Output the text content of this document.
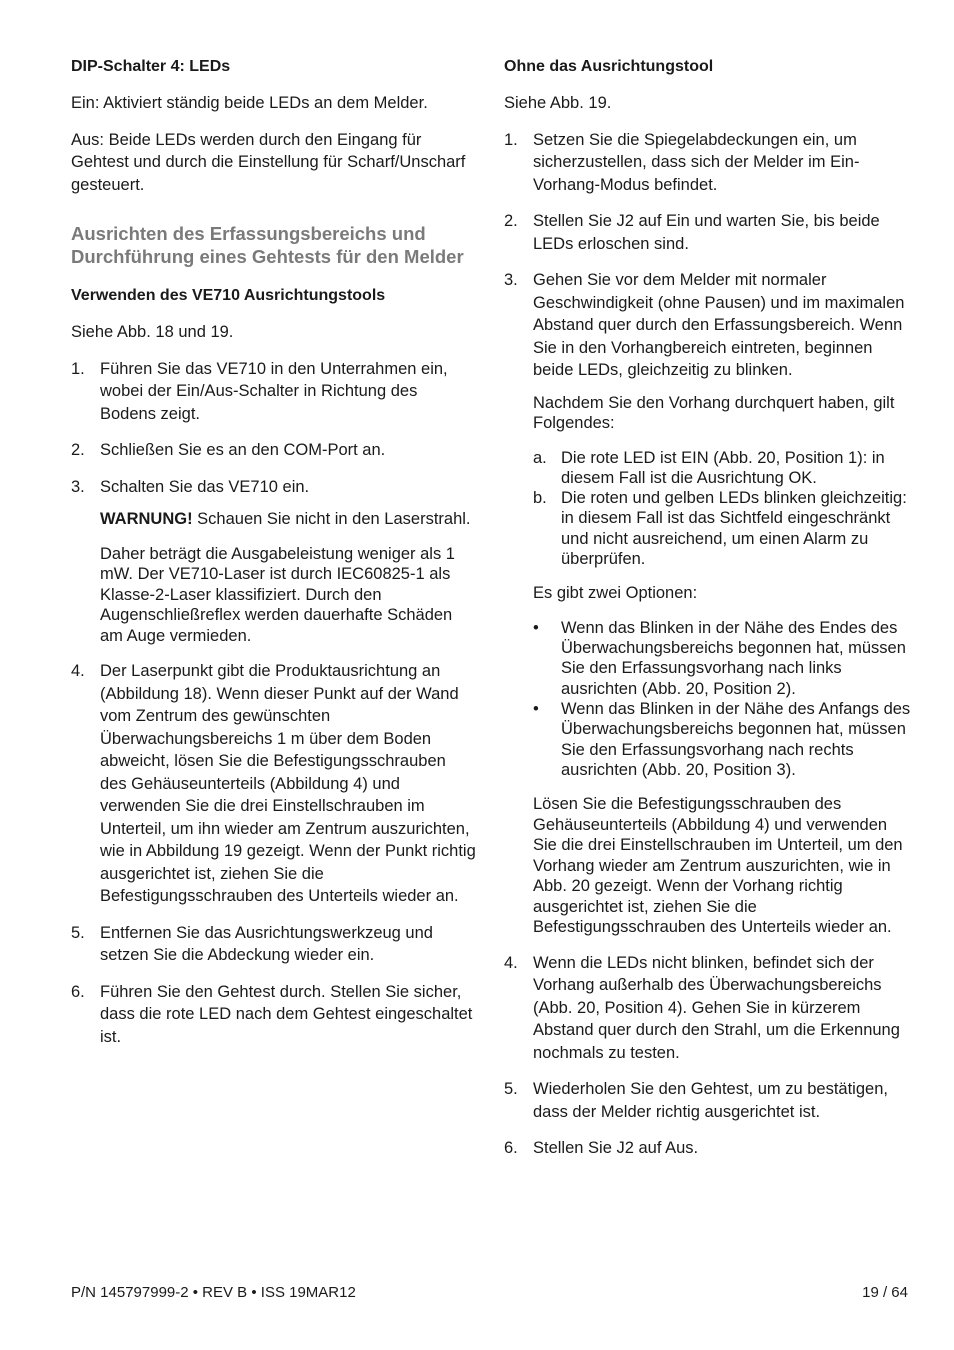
DIP-Schalter 4: LEDs

Ein: Aktiviert ständig beide LEDs an dem Melder.

Aus: Beide LEDs werden durch den Eingang für Gehtest und durch die Einstellung für Scharf/Unscharf gesteuert.

Ausrichten des Erfassungsbereichs und Durchführung eines Gehtests für den Melder

Verwenden des VE710 Ausrichtungstools

Siehe Abb. 18 und 19.

1. Führen Sie das VE710 in den Unterrahmen ein, wobei der Ein/Aus-Schalter in Richtung des Bodens zeigt.
2. Schließen Sie es an den COM-Port an.
3. Schalten Sie das VE710 ein.

WARNUNG! Schauen Sie nicht in den Laserstrahl.

Daher beträgt die Ausgabeleistung weniger als 1 mW. Der VE710-Laser ist durch IEC60825-1 als Klasse-2-Laser klassifiziert. Durch den Augenschließreflex werden dauerhafte Schäden am Auge vermieden.

4. Der Laserpunkt gibt die Produktausrichtung an (Abbildung 18). Wenn dieser Punkt auf der Wand vom Zentrum des gewünschten Überwachungsbereichs 1 m über dem Boden abweicht, lösen Sie die Befestigungsschrauben des Gehäuseunterteils (Abbildung 4) und verwenden Sie die drei Einstellschrauben im Unterteil, um ihn wieder am Zentrum auszurichten, wie in Abbildung 19 gezeigt. Wenn der Punkt richtig ausgerichtet ist, ziehen Sie die Befestigungsschrauben des Unterteils wieder an.
5. Entfernen Sie das Ausrichtungswerkzeug und setzen Sie die Abdeckung wieder ein.
6. Führen Sie den Gehtest durch. Stellen Sie sicher, dass die rote LED nach dem Gehtest eingeschaltet ist.

Ohne das Ausrichtungstool

Siehe Abb. 19.

1. Setzen Sie die Spiegelabdeckungen ein, um sicherzustellen, dass sich der Melder im Ein-Vorhang-Modus befindet.
2. Stellen Sie J2 auf Ein und warten Sie, bis beide LEDs erloschen sind.
3. Gehen Sie vor dem Melder mit normaler Geschwindigkeit (ohne Pausen) und im maximalen Abstand quer durch den Erfassungsbereich. Wenn Sie in den Vorhangbereich eintreten, beginnen beide LEDs, gleichzeitig zu blinken.

Nachdem Sie den Vorhang durchquert haben, gilt Folgendes:

a. Die rote LED ist EIN (Abb. 20, Position 1): in diesem Fall ist die Ausrichtung OK.
b. Die roten und gelben LEDs blinken gleichzeitig: in diesem Fall ist das Sichtfeld eingeschränkt und nicht ausreichend, um einen Alarm zu überprüfen.

Es gibt zwei Optionen:

•	Wenn das Blinken in der Nähe des Endes des Überwachungsbereichs begonnen hat, müssen Sie den Erfassungsvorhang nach links ausrichten (Abb. 20, Position 2).
•	Wenn das Blinken in der Nähe des Anfangs des Überwachungsbereichs begonnen hat, müssen Sie den Erfassungsvorhang nach rechts ausrichten (Abb. 20, Position 3).

Lösen Sie die Befestigungsschrauben des Gehäuseunterteils (Abbildung 4) und verwenden Sie die drei Einstellschrauben im Unterteil, um den Vorhang wieder am Zentrum auszurichten, wie in Abb. 20 gezeigt. Wenn der Vorhang richtig ausgerichtet ist, ziehen Sie die Befestigungsschrauben des Unterteils wieder an.

4. Wenn die LEDs nicht blinken, befindet sich der Vorhang außerhalb des Überwachungsbereichs (Abb. 20, Position 4). Gehen Sie in kürzerem Abstand quer durch den Strahl, um die Erkennung nochmals zu testen.
5. Wiederholen Sie den Gehtest, um zu bestätigen, dass der Melder richtig ausgerichtet ist.
6. Stellen Sie J2 auf Aus.
P/N 145797999-2 • REV B • ISS 19MAR12	19 / 64
